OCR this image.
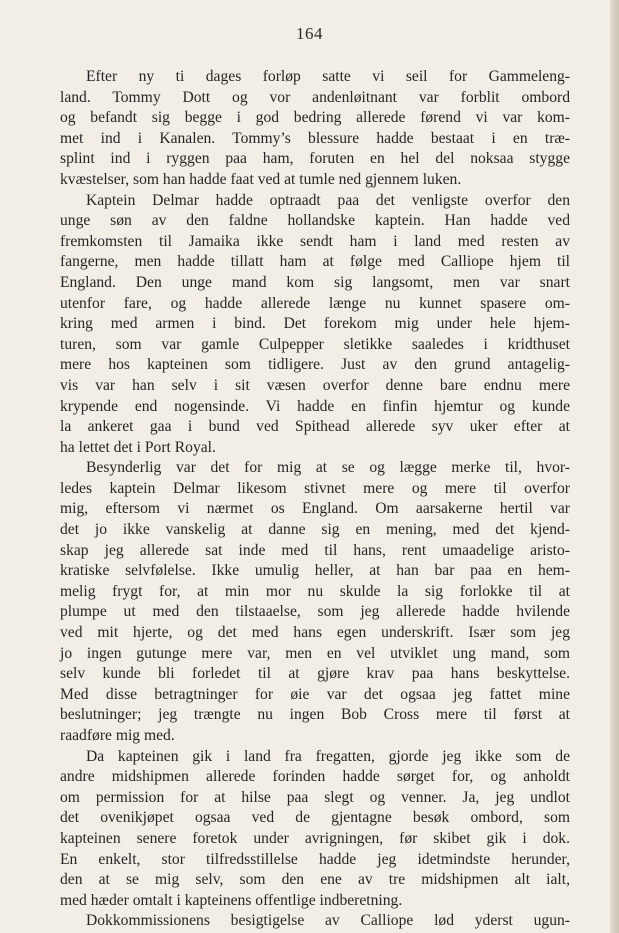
164
Efter ny ti dages forløp satte vi seil for Gammeleng-
land. Tommy Dott og vor andenløitnant var forblit ombord
og befandt sig begge i god bedring allerede førend vi var kom-
met ind i Kanalen. Tommy’s blessure hadde bestaat i en træ-
splint ind i ryggen paa ham, foruten en hel del noksaa stygge
kvæstelser, som han hadde faat ved at tumle ned gjennem luken.
Kaptein Delmar hadde optraadt paa det venligste overfor den
unge søn av den faldne hollandske kaptein. Han hadde ved
fremkomsten til Jamaika ikke sendt ham i land med resten av
fangerne, men hadde tillatt ham at følge med Calliope hjem til
England. Den unge mand kom sig langsomt, men var snart
utenfor fare, og hadde allerede længe nu kunnet spasere om-
kring med armen i bind. Det forekom mig under hele hjem-
turen, som var gamle Culpepper sletikke saaledes i kridthuset
mere hos kapteinen som tidligere. Just av den grund antagelig-
vis var han selv i sit væsen overfor denne bare endnu mere
krypende end nogensinde. Vi hadde en finfin hjemtur og kunde
la ankeret gaa i bund ved Spithead allerede syv uker efter at
ha lettet det i Port Royal.
Besynderlig var det for mig at se og lægge merke til, hvor-
ledes kaptein Delmar likesom stivnet mere og mere til overfor
mig, eftersom vi nærmet os England. Om aarsakerne hertil var
det jo ikke vanskelig at danne sig en mening, med det kjend-
skap jeg allerede sat inde med til hans, rent umaadelige aristo-
kratiske selvfølelse. Ikke umulig heller, at han bar paa en hem-
melig frygt for, at min mor nu skulde la sig forlokke til at
plumpe ut med den tilstaaelse, som jeg allerede hadde hvilende
ved mit hjerte, og det med hans egen underskrift. Især som jeg
jo ingen gutunge mere var, men en vel utviklet ung mand, som
selv kunde bli forledet til at gjøre krav paa hans beskyttelse.
Med disse betragtninger for øie var det ogsaa jeg fattet mine
beslutninger; jeg trængte nu ingen Bob Cross mere til først at
raadføre mig med.
Da kapteinen gik i land fra fregatten, gjorde jeg ikke som de
andre midshipmen allerede forinden hadde sørget for, og anholdt
om permission for at hilse paa slegt og venner. Ja, jeg undlot
det ovenikjøpet ogsaa ved de gjentagne besøk ombord, som
kapteinen senere foretok under avrigningen, før skibet gik i dok.
En enkelt, stor tilfredsstillelse hadde jeg idetmindste herunder,
den at se mig selv, som den ene av tre midshipmen alt ialt,
med hæder omtalt i kapteinens offentlige indberetning.
Dokkommissionens besigtigelse av Calliope lød yderst ugun-
